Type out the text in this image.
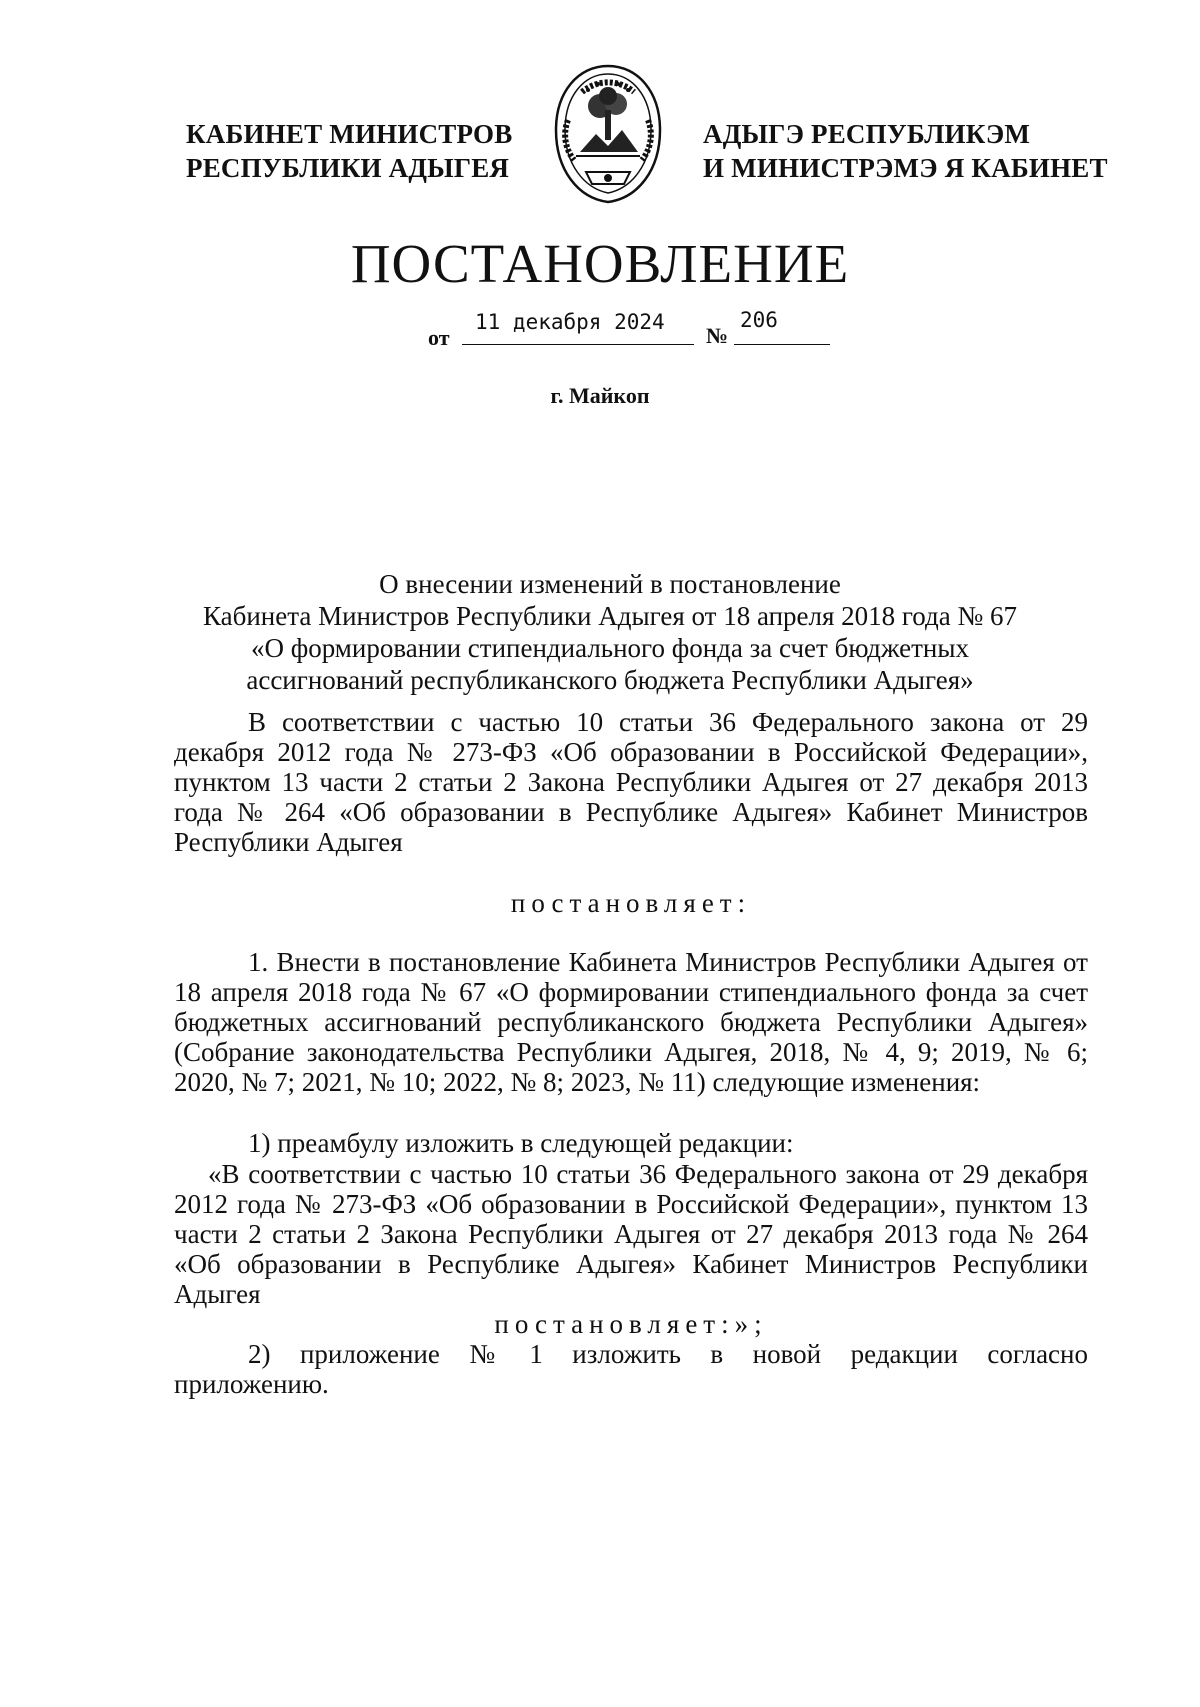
КАБИНЕТ МИНИСТРОВ
РЕСПУБЛИКИ АДЫГЕЯ
АДЫГЭ РЕСПУБЛИКЭМ
И МИНИСТРЭМЭ Я КАБИНЕТ
ПОСТАНОВЛЕНИЕ
от
11 декабря 2024
№
206
г. Майкоп
О внесении изменений в постановление
Кабинета Министров Республики Адыгея от 18 апреля 2018 года № 67
«О формировании стипендиального фонда за счет бюджетных
ассигнований республиканского бюджета Республики Адыгея»

В соответствии с частью 10 статьи 36 Федерального закона от 29 декабря 2012 года № 273-ФЗ «Об образовании в Российской Федерации», пунктом 13 части 2 статьи 2 Закона Республики Адыгея от 27 декабря 2013 года № 264 «Об образовании в Республике Адыгея» Кабинет Министров Республики Адыгея

постановляет:

1. Внести в постановление Кабинета Министров Республики Адыгея от 18 апреля 2018 года № 67 «О формировании стипендиального фонда за счет бюджетных ассигнований республиканского бюджета Республики Адыгея» (Собрание законодательства Республики Адыгея, 2018, № 4, 9; 2019, № 6; 2020, № 7; 2021, № 10; 2022, № 8; 2023, № 11) следующие изменения:

1) преамбулу изложить в следующей редакции:

«В соответствии с частью 10 статьи 36 Федерального закона от 29 декабря 2012 года № 273-ФЗ «Об образовании в Российской Федерации», пунктом 13 части 2 статьи 2 Закона Республики Адыгея от 27 декабря 2013 года № 264 «Об образовании в Республике Адыгея» Кабинет Министров Республики Адыгея

постановляет:»;

2) приложение № 1 изложить в новой редакции согласно приложению.
